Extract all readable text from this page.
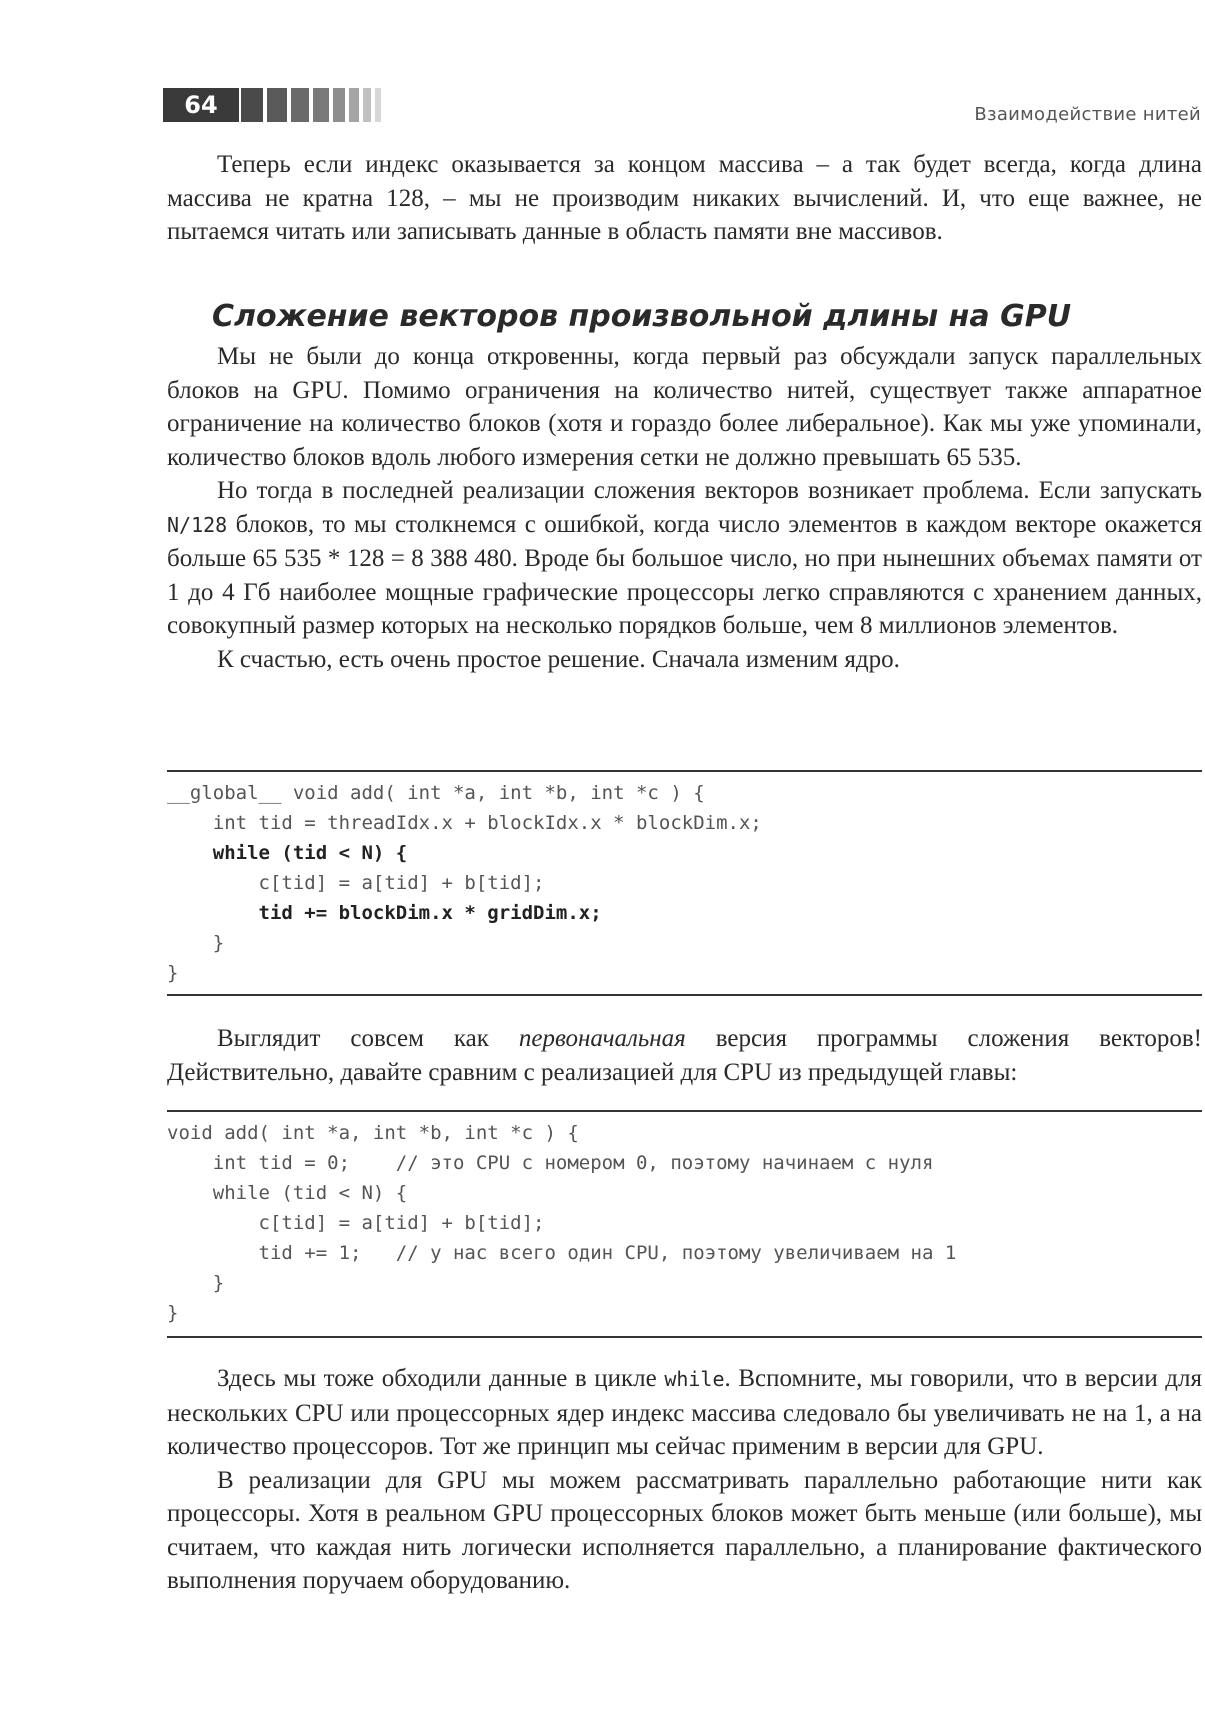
64	Взаимодействие нитей

Теперь если индекс оказывается за концом массива – а так будет всегда, когда длина массива не кратна 128, – мы не производим никаких вычислений. И, что еще важнее, не пытаемся читать или записывать данные в область памяти вне массивов.

Сложение векторов произвольной длины на GPU

Мы не были до конца откровенны, когда первый раз обсуждали запуск параллельных блоков на GPU. Помимо ограничения на количество нитей, существует также аппаратное ограничение на количество блоков (хотя и гораздо более либеральное). Как мы уже упоминали, количество блоков вдоль любого измерения сетки не должно превышать 65 535.

Но тогда в последней реализации сложения векторов возникает проблема. Если запускать N/128 блоков, то мы столкнемся с ошибкой, когда число элементов в каждом векторе окажется больше 65 535 * 128 = 8 388 480. Вроде бы большое число, но при нынешних объемах памяти от 1 до 4 Гб наиболее мощные графические процессоры легко справляются с хранением данных, совокупный размер которых на несколько порядков больше, чем 8 миллионов элементов.

К счастью, есть очень простое решение. Сначала изменим ядро.

__global__ void add( int *a, int *b, int *c ) {
int tid = threadIdx.x + blockIdx.x * blockDim.x;
while (tid < N) {
c[tid] = a[tid] + b[tid];
tid += blockDim.x * gridDim.x;
}
}

Выглядит совсем как первоначальная версия программы сложения векторов! Действительно, давайте сравним с реализацией для CPU из предыдущей главы:

void add( int *a, int *b, int *c ) {
int tid = 0;    // это CPU с номером 0, поэтому начинаем с нуля
while (tid < N) {
c[tid] = a[tid] + b[tid];
tid += 1;   // у нас всего один CPU, поэтому увеличиваем на 1
}
}

Здесь мы тоже обходили данные в цикле while. Вспомните, мы говорили, что в версии для нескольких CPU или процессорных ядер индекс массива следовало бы увеличивать не на 1, а на количество процессоров. Тот же принцип мы сейчас применим в версии для GPU.

В реализации для GPU мы можем рассматривать параллельно работающие нити как процессоры. Хотя в реальном GPU процессорных блоков может быть меньше (или больше), мы считаем, что каждая нить логически исполняется параллельно, а планирование фактического выполнения поручаем оборудованию.
